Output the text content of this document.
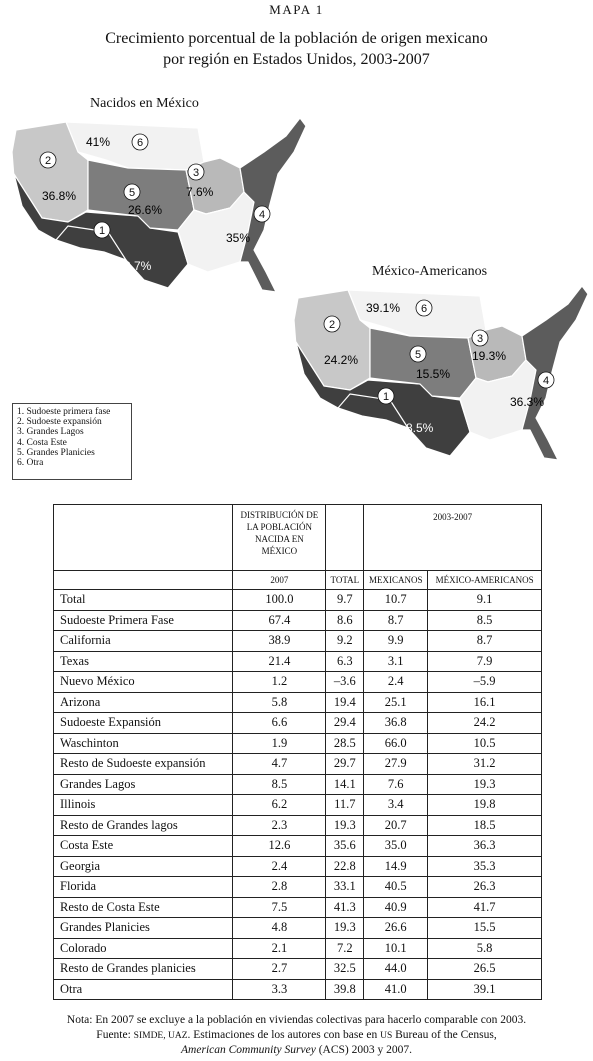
MAPA 1
Crecimiento porcentual de la población de origen mexicano
por región en Estados Unidos, 2003-2007
Nacidos en México
México-Americanos
41%
36.8%
26.6%
7.6%
35%
8.7%
6
2
5
3
4
1
39.1%
24.2%
15.5%
19.3%
36.3%
8.5%
6
2
5
3
4
1
1. Sudoeste primera fase
2. Sudoeste expansión
3. Grandes Lagos
4. Costa Este
5. Grandes Planicies
6. Otra

	DISTRIBUCIÓN DE
LA POBLACIÓN
NACIDA EN
MÉXICO		2003-2007	
	2007	TOTAL	MEXICANOS	MÉXICO-AMERICANOS
Total	100.0	9.7	10.7	9.1
Sudoeste Primera Fase	67.4	8.6	8.7	8.5
California	38.9	9.2	9.9	8.7
Texas	21.4	6.3	3.1	7.9
Nuevo México	1.2	–3.6	2.4	–5.9
Arizona	5.8	19.4	25.1	16.1
Sudoeste Expansión	6.6	29.4	36.8	24.2
Waschinton	1.9	28.5	66.0	10.5
Resto de Sudoeste expansión	4.7	29.7	27.9	31.2
Grandes Lagos	8.5	14.1	7.6	19.3
Illinois	6.2	11.7	3.4	19.8
Resto de Grandes lagos	2.3	19.3	20.7	18.5
Costa Este	12.6	35.6	35.0	36.3
Georgia	2.4	22.8	14.9	35.3
Florida	2.8	33.1	40.5	26.3
Resto de Costa Este	7.5	41.3	40.9	41.7
Grandes Planicies	4.8	19.3	26.6	15.5
Colorado	2.1	7.2	10.1	5.8
Resto de Grandes planicies	2.7	32.5	44.0	26.5
Otra	3.3	39.8	41.0	39.1
Nota: En 2007 se excluye a la población en viviendas colectivas para hacerlo comparable con 2003.
Fuente: SIMDE, UAZ. Estimaciones de los autores con base en US Bureau of the Census,
American Community Survey (ACS) 2003 y 2007.
